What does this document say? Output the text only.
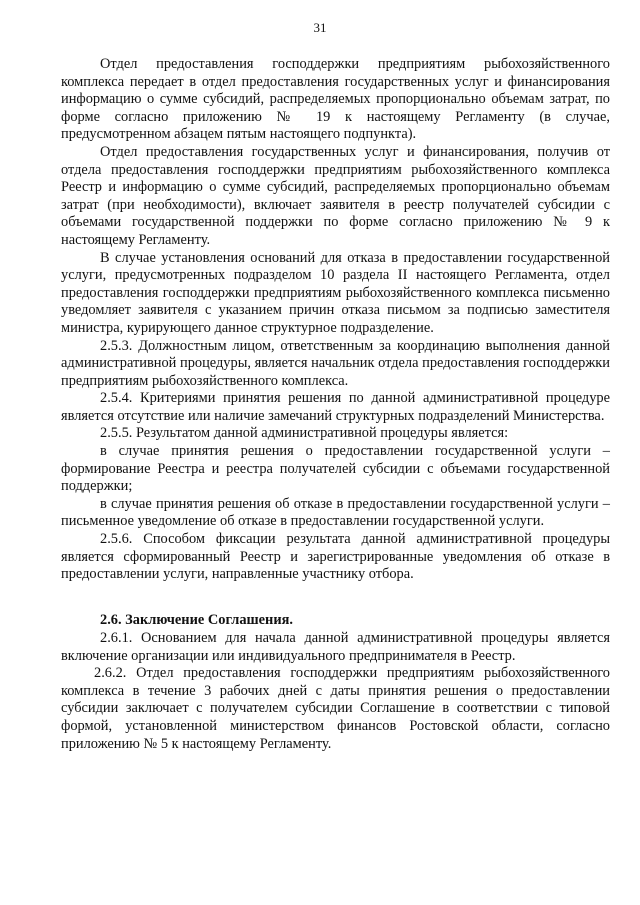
31

Отдел предоставления господдержки предприятиям рыбохозяйственного комплекса передает в отдел предоставления государственных услуг и финансирования информацию о сумме субсидий, распределяемых пропорционально объемам затрат, по форме согласно приложению № 19 к настоящему Регламенту (в случае, предусмотренном абзацем пятым настоящего подпункта).

Отдел предоставления государственных услуг и финансирования, получив от отдела предоставления господдержки предприятиям рыбохозяйственного комплекса Реестр и информацию о сумме субсидий, распределяемых пропорционально объемам затрат (при необходимости), включает заявителя в реестр получателей субсидии с объемами государственной поддержки по форме согласно приложению № 9 к настоящему Регламенту.

В случае установления оснований для отказа в предоставлении государственной услуги, предусмотренных подразделом 10 раздела II настоящего Регламента, отдел предоставления господдержки предприятиям рыбохозяйственного комплекса письменно уведомляет заявителя с указанием причин отказа письмом за подписью заместителя министра, курирующего данное структурное подразделение.

2.5.3. Должностным лицом, ответственным за координацию выполнения данной административной процедуры, является начальник отдела предоставления господдержки предприятиям рыбохозяйственного комплекса.

2.5.4. Критериями принятия решения по данной административной процедуре является отсутствие или наличие замечаний структурных подразделений Министерства.

2.5.5. Результатом данной административной процедуры является:

в случае принятия решения о предоставлении государственной услуги – формирование Реестра и реестра получателей субсидии с объемами государственной поддержки;

в случае принятия решения об отказе в предоставлении государственной услуги – письменное уведомление об отказе в предоставлении государственной услуги.

2.5.6. Способом фиксации результата данной административной процедуры является сформированный Реестр и зарегистрированные уведомления об отказе в предоставлении услуги, направленные участнику отбора.

2.6. Заключение Соглашения.

2.6.1. Основанием для начала данной административной процедуры является включение организации или индивидуального предпринимателя в Реестр.

2.6.2. Отдел предоставления господдержки предприятиям рыбохозяйственного комплекса в течение 3 рабочих дней с даты принятия решения о предоставлении субсидии заключает с получателем субсидии Соглашение в соответствии с типовой формой, установленной министерством финансов Ростовской области, согласно приложению № 5 к настоящему Регламенту.
